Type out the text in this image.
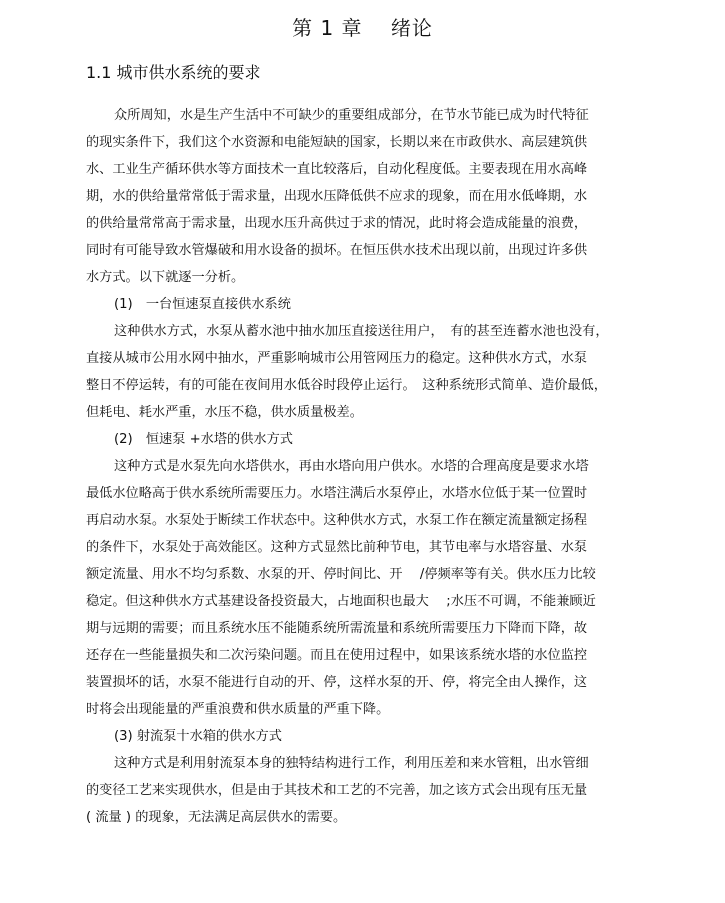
第 1 章　 绪论
1.1 城市供水系统的要求
众所周知，水是生产生活中不可缺少的重要组成部分，在节水节能已成为时代特征
的现实条件下，我们这个水资源和电能短缺的国家，长期以来在市政供水、高层建筑供
水、工业生产循环供水等方面技术一直比较落后，自动化程度低。主要表现在用水高峰
期，水的供给量常常低于需求量，出现水压降低供不应求的现象，而在用水低峰期，水
的供给量常常高于需求量，出现水压升高供过于求的情况，此时将会造成能量的浪费，
同时有可能导致水管爆破和用水设备的损坏。在恒压供水技术出现以前，出现过许多供
水方式。以下就逐一分析。
(1)　一台恒速泵直接供水系统
这种供水方式，水泵从蓄水池中抽水加压直接送往用户，　有的甚至连蓄水池也没有，
直接从城市公用水网中抽水，严重影响城市公用管网压力的稳定。这种供水方式，水泵
整日不停运转，有的可能在夜间用水低谷时段停止运行。　这种系统形式简单、造价最低，
但耗电、耗水严重，水压不稳，供水质量极差。
(2)　恒速泵 +水塔的供水方式
这种方式是水泵先向水塔供水，再由水塔向用户供水。水塔的合理高度是要求水塔
最低水位略高于供水系统所需要压力。水塔注满后水泵停止，水塔水位低于某一位置时
再启动水泵。水泵处于断续工作状态中。这种供水方式，水泵工作在额定流量额定扬程
的条件下，水泵处于高效能区。这种方式显然比前种节电，其节电率与水塔容量、水泵
额定流量、用水不均匀系数、水泵的开、停时间比、开　 /停频率等有关。供水压力比较
稳定。但这种供水方式基建设备投资最大，占地面积也最大　 ;水压不可调，不能兼顾近
期与远期的需要；而且系统水压不能随系统所需流量和系统所需要压力下降而下降，故
还存在一些能量损失和二次污染问题。而且在使用过程中，如果该系统水塔的水位监控
装置损坏的话，水泵不能进行自动的开、停，这样水泵的开、停，将完全由人操作，这
时将会出现能量的严重浪费和供水质量的严重下降。
(3) 射流泵十水箱的供水方式
这种方式是利用射流泵本身的独特结构进行工作，利用压差和来水管粗，出水管细
的变径工艺来实现供水，但是由于其技术和工艺的不完善，加之该方式会出现有压无量
( 流量 ) 的现象，无法满足高层供水的需要。
